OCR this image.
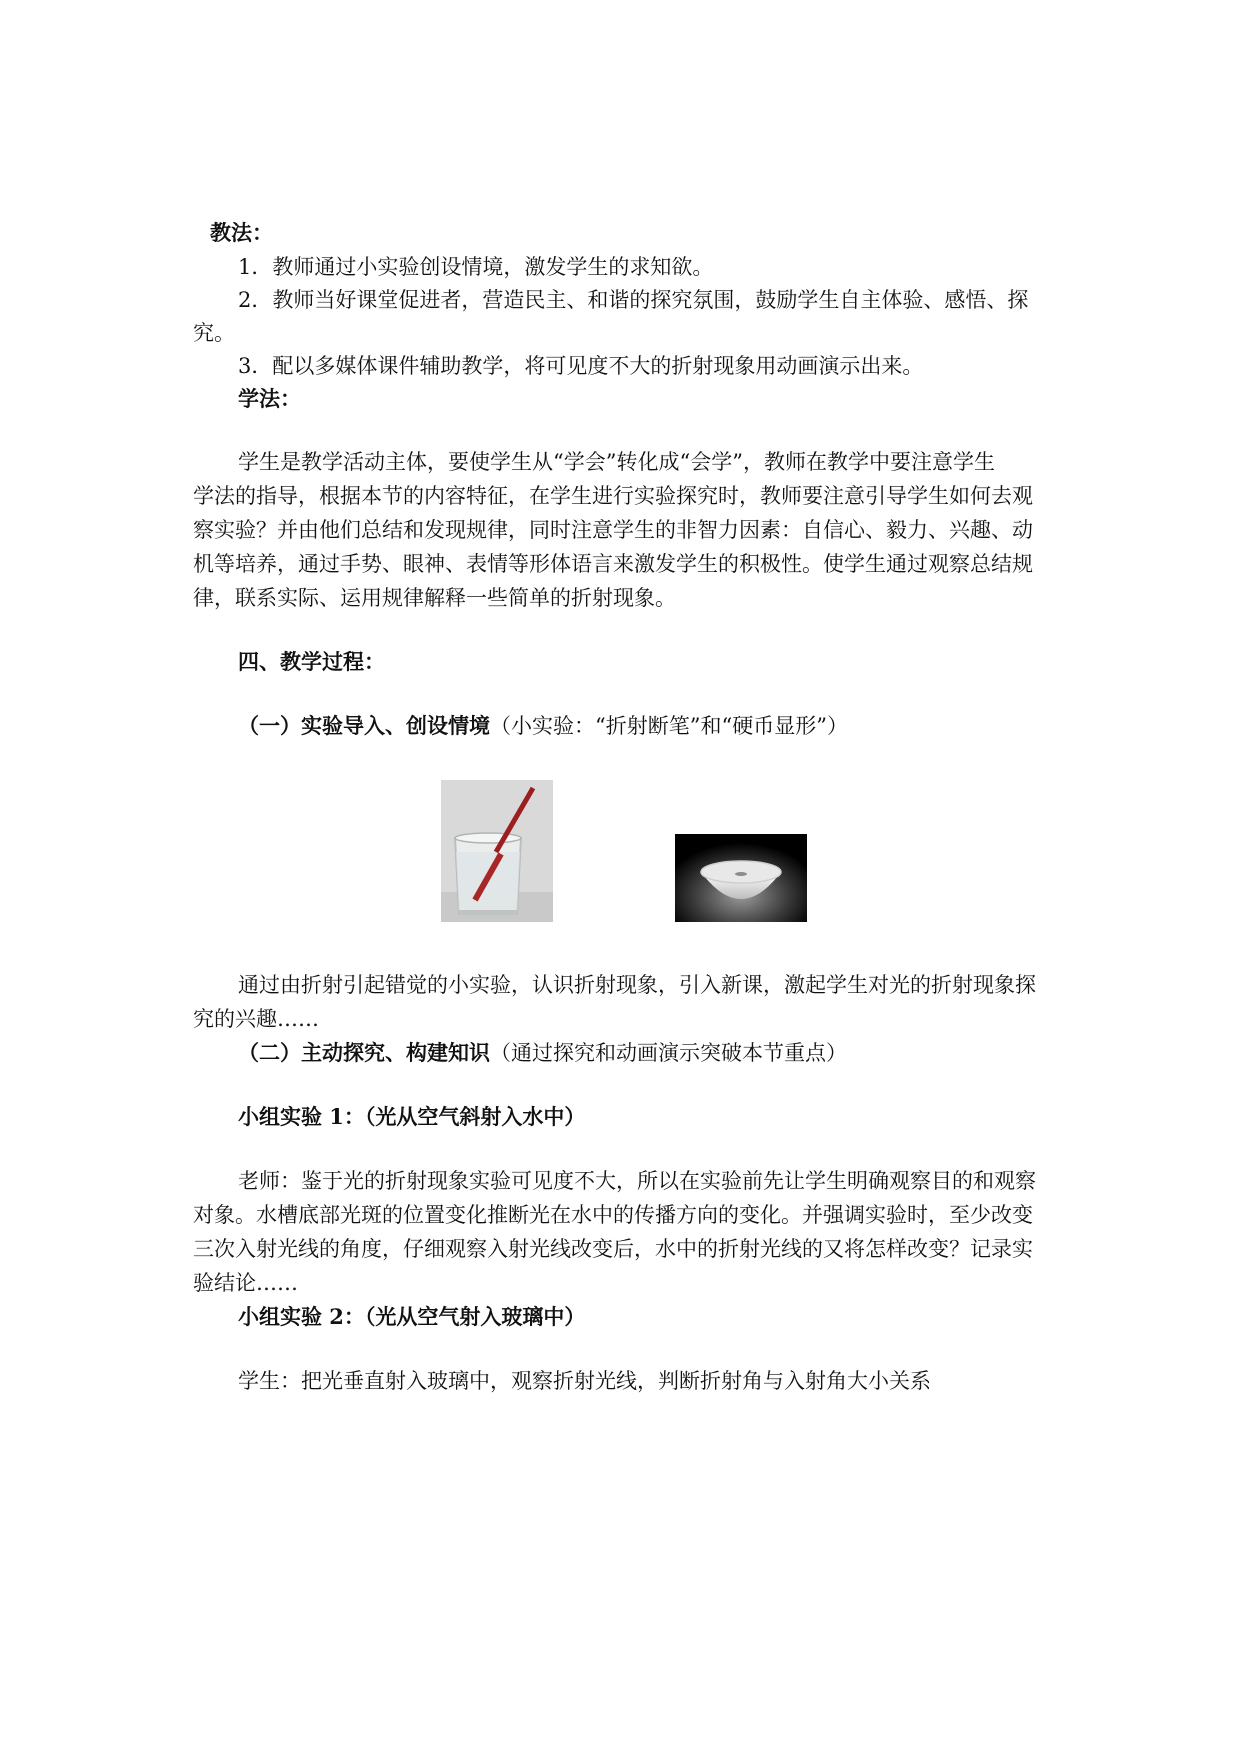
教法：
1．教师通过小实验创设情境，激发学生的求知欲。
2．教师当好课堂促进者，营造民主、和谐的探究氛围，鼓励学生自主体验、感悟、探
究。
3．配以多媒体课件辅助教学，将可见度不大的折射现象用动画演示出来。
学法：
学生是教学活动主体，要使学生从“学会”转化成“会学”，教师在教学中要注意学生
学法的指导，根据本节的内容特征，在学生进行实验探究时，教师要注意引导学生如何去观
察实验？并由他们总结和发现规律，同时注意学生的非智力因素：自信心、毅力、兴趣、动
机等培养，通过手势、眼神、表情等形体语言来激发学生的积极性。使学生通过观察总结规
律，联系实际、运用规律解释一些简单的折射现象。
四、教学过程：
（一）实验导入、创设情境（小实验：“折射断笔”和“硬币显形”）
通过由折射引起错觉的小实验，认识折射现象，引入新课，激起学生对光的折射现象探
究的兴趣……
（二）主动探究、构建知识（通过探究和动画演示突破本节重点）
小组实验 1：（光从空气斜射入水中）
老师：鉴于光的折射现象实验可见度不大，所以在实验前先让学生明确观察目的和观察
对象。水槽底部光斑的位置变化推断光在水中的传播方向的变化。并强调实验时，至少改变
三次入射光线的角度，仔细观察入射光线改变后，水中的折射光线的又将怎样改变？记录实
验结论……
小组实验 2：（光从空气射入玻璃中）
学生：把光垂直射入玻璃中，观察折射光线，判断折射角与入射角大小关系
